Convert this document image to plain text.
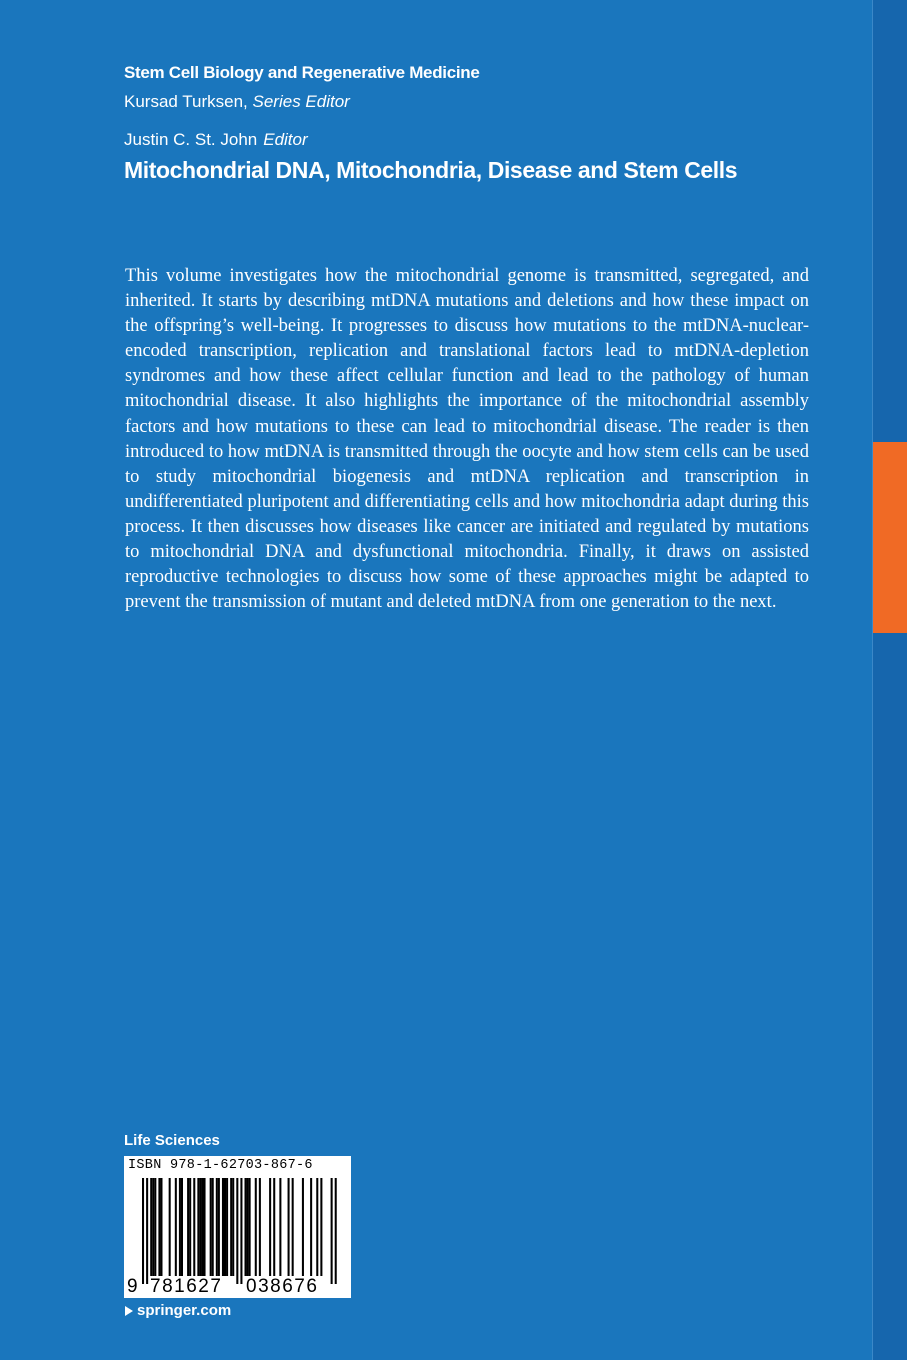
Stem Cell Biology and Regenerative Medicine
Kursad Turksen, Series Editor
Justin C. St. John Editor
Mitochondrial DNA, Mitochondria, Disease and Stem Cells

This volume investigates how the mitochondrial genome is transmitted, segregated, and inherited. It starts by describing mtDNA mutations and deletions and how these impact on the offspring’s well-being. It progresses to discuss how mutations to the mtDNA-nuclear-encoded transcription, replication and translational factors lead to mtDNA-depletion syndromes and how these affect cellular function and lead to the pathology of human mitochondrial disease. It also highlights the importance of the mitochondrial assembly factors and how mutations to these can lead to mitochondrial disease. The reader is then introduced to how mtDNA is transmitted through the oocyte and how stem cells can be used to study mitochondrial biogenesis and mtDNA replication and transcription in undifferentiated pluripotent and differentiating cells and how mitochondria adapt during this process. It then discusses how diseases like cancer are initiated and regulated by mutations to mitochondrial DNA and dysfunctional mitochondria. Finally, it draws on assisted reproductive technologies to discuss how some of these approaches might be adapted to prevent the transmission of mutant and deleted mtDNA from one generation to the next.

Life Sciences
ISBN 978-1-62703-867-6
9 781627 038676
springer.com
